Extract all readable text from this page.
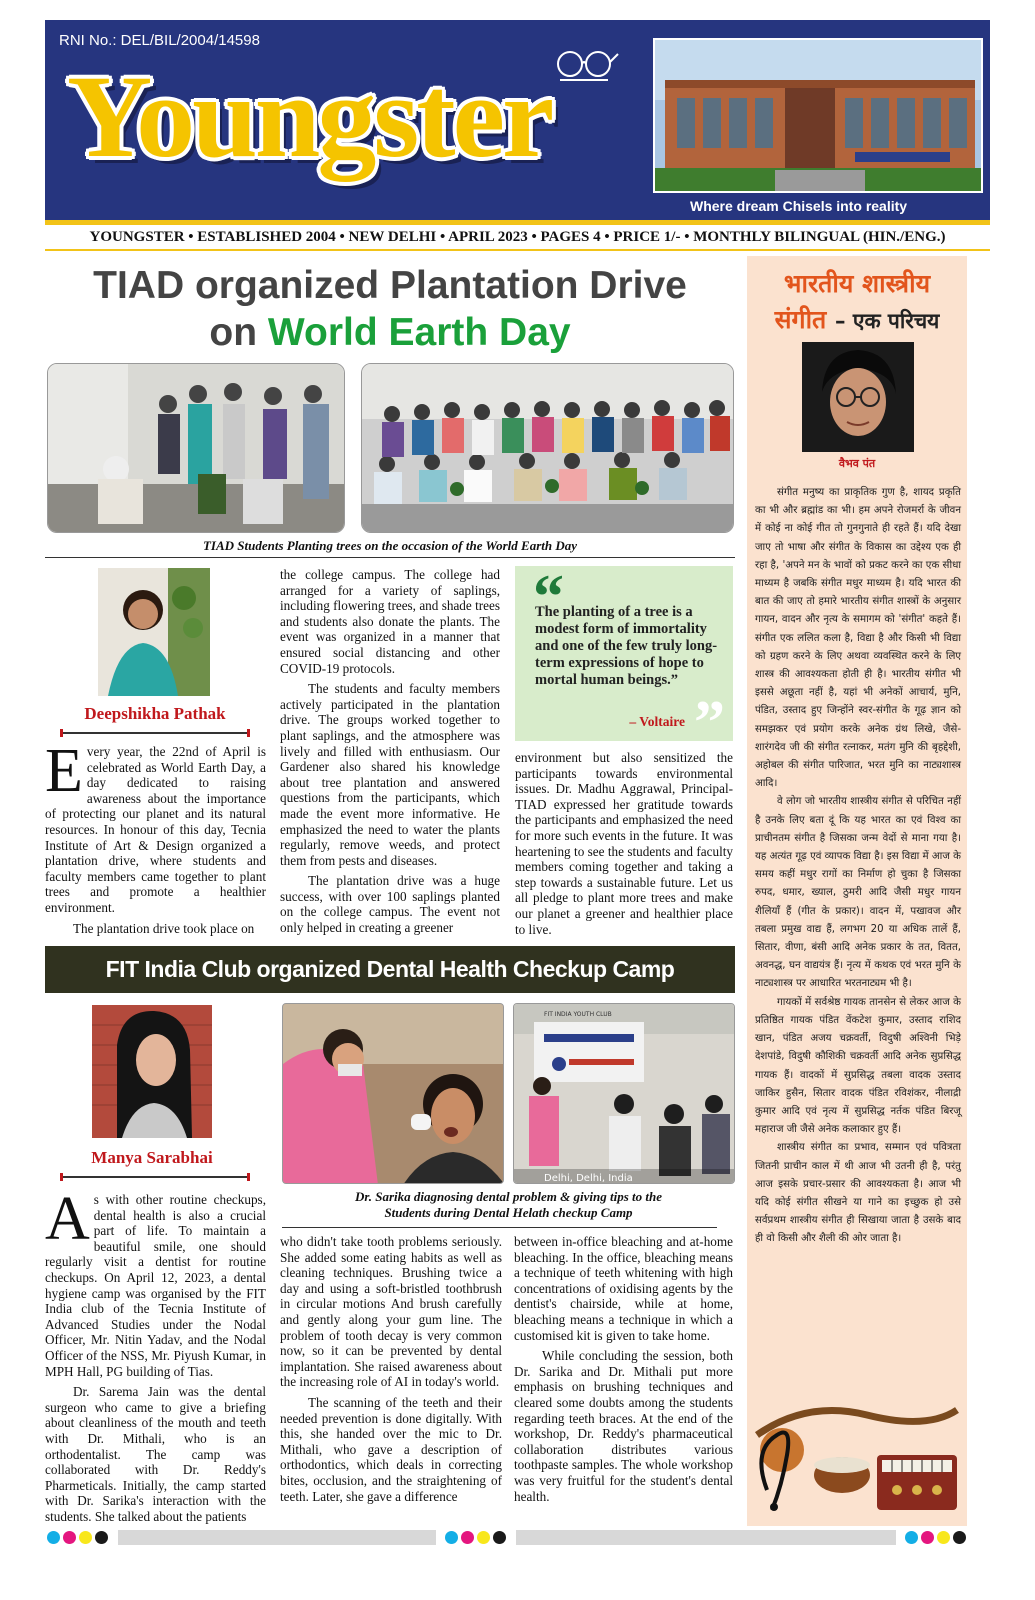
RNI No.: DEL/BIL/2004/14598
Youngster
Where dream Chisels into reality
YOUNGSTER • ESTABLISHED 2004 • NEW DELHI • APRIL 2023 • PAGES 4 • PRICE 1/- • MONTHLY BILINGUAL (HIN./ENG.)
TIAD organized Plantation Drive
on World Earth Day
TIAD Students Planting trees on the occasion of the World Earth Day
Deepshikha Pathak

Every year, the 22nd of April is celebrated as World Earth Day, a day dedicated to raising awareness about the importance of protecting our planet and its natural resources. In honour of this day, Tecnia Institute of Art & Design organized a plantation drive, where students and faculty members came together to plant trees and promote a healthier environment.

The plantation drive took place on

the college campus. The college had arranged for a variety of saplings, including flowering trees, and shade trees and students also donate the plants. The event was organized in a manner that ensured social distancing and other COVID-19 protocols.

The students and faculty members actively participated in the plantation drive. The groups worked together to plant saplings, and the atmosphere was lively and filled with enthusiasm. Our Gardener also shared his knowledge about tree plantation and answered questions from the participants, which made the event more informative. He emphasized the need to water the plants regularly, remove weeds, and protect them from pests and diseases.

The plantation drive was a huge success, with over 100 saplings planted on the college campus. The event not only helped in creating a greener

“
The planting of a tree is a modest form of immortality and one of the few truly long-term expressions of hope to mortal human beings.”
– Voltaire ”

environment but also sensitized the participants towards environmental issues. Dr. Madhu Aggrawal, Principal-TIAD expressed her gratitude towards the participants and emphasized the need for more such events in the future. It was heartening to see the students and faculty members coming together and taking a step towards a sustainable future. Let us all pledge to plant more trees and make our planet a greener and healthier place to live.

FIT India Club organized Dental Health Checkup Camp
Manya Sarabhai
Delhi, Delhi, India
FIT INDIA YOUTH CLUB
Dr. Sarika diagnosing dental problem & giving tips to the
Students during Dental Helath checkup Camp

As with other routine checkups, dental health is also a crucial part of life. To maintain a beautiful smile, one should regularly visit a dentist for routine checkups. On April 12, 2023, a dental hygiene camp was organised by the FIT India club of the Tecnia Institute of Advanced Studies under the Nodal Officer, Mr. Nitin Yadav, and the Nodal Officer of the NSS, Mr. Piyush Kumar, in MPH Hall, PG building of Tias.

Dr. Sarema Jain was the dental surgeon who came to give a briefing about cleanliness of the mouth and teeth with Dr. Mithali, who is an orthodentalist. The camp was collaborated with Dr. Reddy's Pharmeticals. Initially, the camp started with Dr. Sarika's interaction with the students. She talked about the patients

who didn't take tooth problems seriously. She added some eating habits as well as cleaning techniques. Brushing twice a day and using a soft-bristled toothbrush in circular motions And brush carefully and gently along your gum line. The problem of tooth decay is very common now, so it can be prevented by dental implantation. She raised awareness about the increasing role of AI in today's world.

The scanning of the teeth and their needed prevention is done digitally. With this, she handed over the mic to Dr. Mithali, who gave a description of orthodontics, which deals in correcting bites, occlusion, and the straightening of teeth. Later, she gave a difference

between in-office bleaching and at-home bleaching. In the office, bleaching means a technique of teeth whitening with high concentrations of oxidising agents by the dentist's chairside, while at home, bleaching means a technique in which a customised kit is given to take home.

While concluding the session, both Dr. Sarika and Dr. Mithali put more emphasis on brushing techniques and cleared some doubts among the students regarding teeth braces. At the end of the workshop, Dr. Reddy's pharmaceutical collaboration distributes various toothpaste samples. The whole workshop was very fruitful for the student's dental health.

भारतीय शास्त्रीय
संगीत – एक परिचय
वैभव पंत

संगीत मनुष्य का प्राकृतिक गुण है, शायद प्रकृति का भी और ब्रह्मांड का भी। हम अपने रोजमर्रा के जीवन में कोई ना कोई गीत तो गुनगुनाते ही रहते हैं। यदि देखा जाए तो भाषा और संगीत के विकास का उद्देश्य एक ही रहा है, 'अपने मन के भावों को प्रकट करने का एक सीधा माध्यम है जबकि संगीत मधुर माध्यम है। यदि भारत की बात की जाए तो हमारे भारतीय संगीत शास्त्रों के अनुसार गायन, वादन और नृत्य के समागम को 'संगीत' कहते हैं। संगीत एक ललित कला है, विद्या है और किसी भी विद्या को ग्रहण करने के लिए अथवा व्यवस्थित करने के लिए शास्त्र की आवश्यकता होती ही है। भारतीय संगीत भी इससे अछूता नहीं है, यहां भी अनेकों आचार्य, मुनि, पंडित, उस्ताद हुए जिन्होंने स्वर-संगीत के गूढ़ ज्ञान को समझकर एवं प्रयोग करके अनेक ग्रंथ लिखे, जैसे-शारंगदेव जी की संगीत रत्नाकर, मतंग मुनि की बृहद्देशी, अहोबल की संगीत पारिजात, भरत मुनि का नाट्यशास्त्र आदि।

वे लोग जो भारतीय शास्त्रीय संगीत से परिचित नहीं है उनके लिए बता दूं कि यह भारत का एवं विश्व का प्राचीनतम संगीत है जिसका जन्म वेदों से माना गया है। यह अत्यंत गूढ़ एवं व्यापक विद्या है। इस विद्या में आज के समय कहीं मधुर रागों का निर्माण हो चुका है जिसका रुपद, धमार, ख्याल, ठुमरी आदि जैसी मधुर गायन शैलियाँ हैं (गीत के प्रकार)। वादन में, पखावज और तबला प्रमुख वाद्य हैं, लगभग 20 या अधिक तालें हैं, सितार, वीणा, बंसी आदि अनेक प्रकार के तत, वितत, अवनद्ध, घन वाद्ययंत्र हैं। नृत्य में कथक एवं भरत मुनि के नाट्यशास्त्र पर आधारित भरतनाट्यम भी है।

गायकों में सर्वश्रेष्ठ गायक तानसेन से लेकर आज के प्रतिष्ठित गायक पंडित वेंकटेश कुमार, उस्ताद राशिद खान, पंडित अजय चक्रवर्ती, विदुषी अश्विनी भिड़े देशपांडे, विदुषी कौशिकी चक्रवर्ती आदि अनेक सुप्रसिद्ध गायक हैं। वादकों में सुप्रसिद्ध तबला वादक उस्ताद जाकिर हुसैन, सितार वादक पंडित रविशंकर, नीलाद्री कुमार आदि एवं नृत्य में सुप्रसिद्ध नर्तक पंडित बिरजू महाराज जी जैसे अनेक कलाकार हुए हैं।

शास्त्रीय संगीत का प्रभाव, सम्मान एवं पवित्रता जितनी प्राचीन काल में थी आज भी उतनी ही है, परंतु आज इसके प्रचार-प्रसार की आवश्यकता है। आज भी यदि कोई संगीत सीखने या गाने का इच्छुक हो उसे सर्वप्रथम शास्त्रीय संगीत ही सिखाया जाता है उसके बाद ही वो किसी और शैली की ओर जाता है।
